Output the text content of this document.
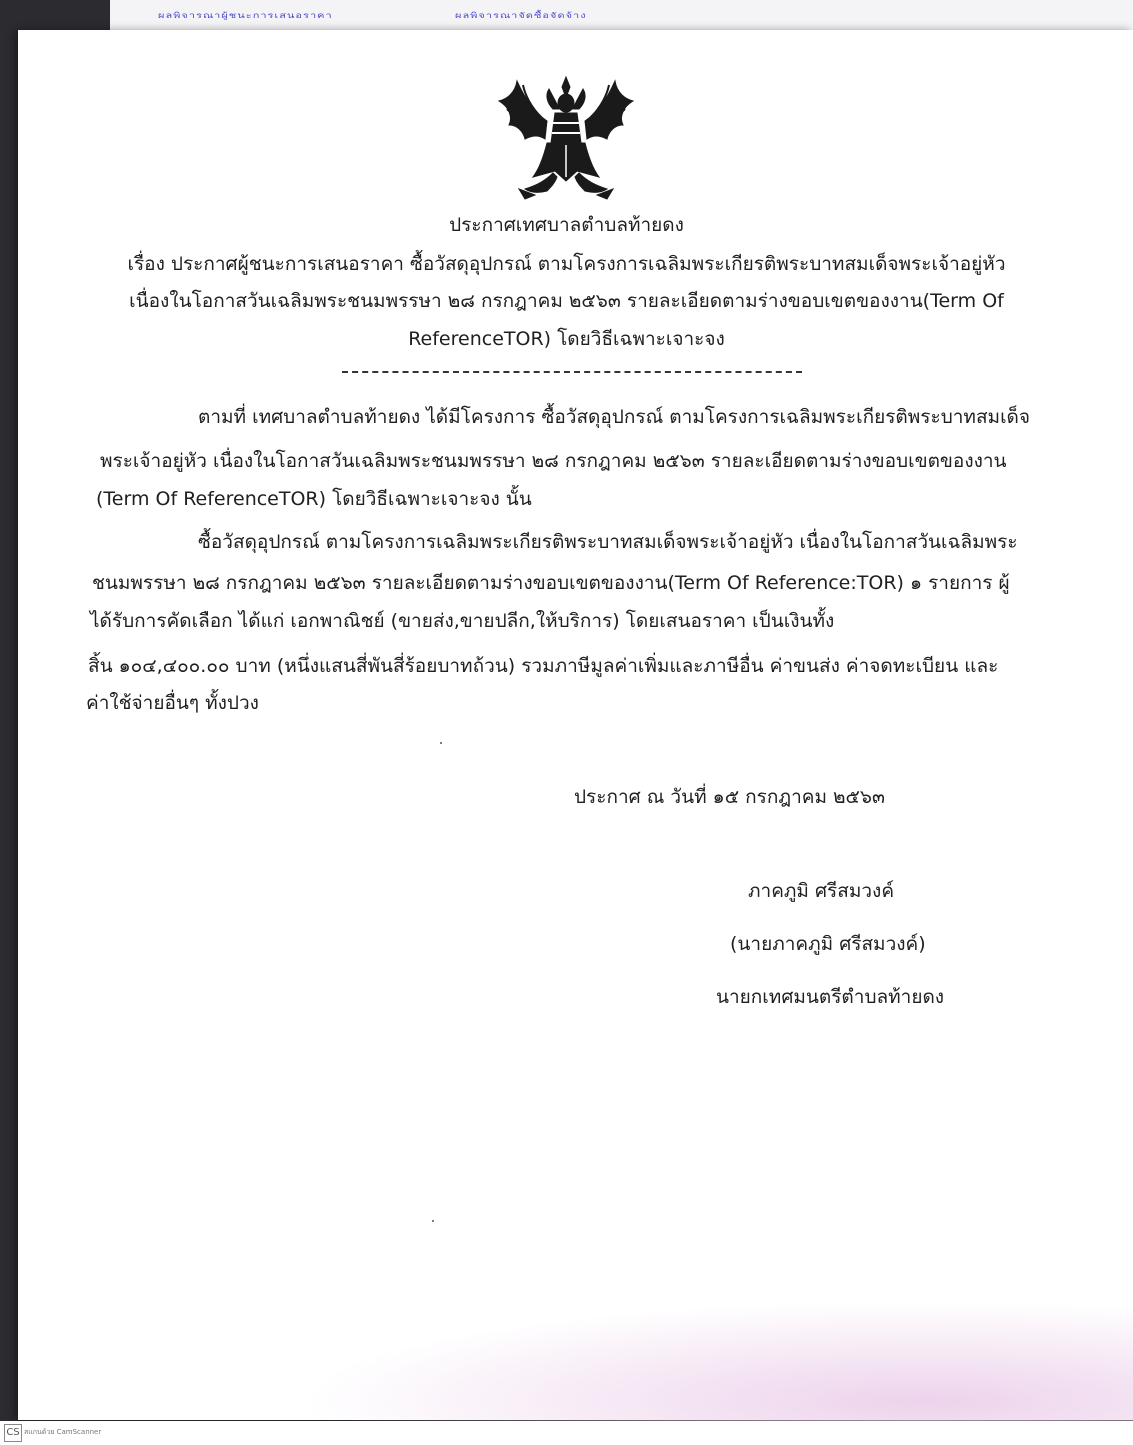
ผลพิจารณาผู้ชนะการเสนอราคา	ผลพิจารณาจัดซื้อจัดจ้าง

ประกาศเทศบาลตำบลท้ายดง

เรื่อง ประกาศผู้ชนะการเสนอราคา ซื้อวัสดุอุปกรณ์ ตามโครงการเฉลิมพระเกียรติพระบาทสมเด็จพระเจ้าอยู่หัว

เนื่องในโอกาสวันเฉลิมพระชนมพรรษา ๒๘ กรกฎาคม ๒๕๖๓ รายละเอียดตามร่างขอบเขตของงาน(Term Of

ReferenceTOR) โดยวิธีเฉพาะเจาะจง

ตามที่ เทศบาลตำบลท้ายดง ได้มีโครงการ ซื้อวัสดุอุปกรณ์ ตามโครงการเฉลิมพระเกียรติพระบาทสมเด็จ

พระเจ้าอยู่หัว เนื่องในโอกาสวันเฉลิมพระชนมพรรษา ๒๘ กรกฎาคม ๒๕๖๓ รายละเอียดตามร่างขอบเขตของงาน

(Term Of ReferenceTOR) โดยวิธีเฉพาะเจาะจง นั้น

ซื้อวัสดุอุปกรณ์ ตามโครงการเฉลิมพระเกียรติพระบาทสมเด็จพระเจ้าอยู่หัว เนื่องในโอกาสวันเฉลิมพระ

ชนมพรรษา ๒๘ กรกฎาคม ๒๕๖๓ รายละเอียดตามร่างขอบเขตของงาน(Term Of Reference:TOR) ๑ รายการ ผู้

ได้รับการคัดเลือก ได้แก่ เอกพาณิชย์ (ขายส่ง,ขายปลีก,ให้บริการ) โดยเสนอราคา เป็นเงินทั้ง

สิ้น ๑๐๔,๔๐๐.๐๐ บาท (หนึ่งแสนสี่พันสี่ร้อยบาทถ้วน) รวมภาษีมูลค่าเพิ่มและภาษีอื่น ค่าขนส่ง ค่าจดทะเบียน และ

ค่าใช้จ่ายอื่นๆ ทั้งปวง

ประกาศ ณ วันที่ ๑๕ กรกฎาคม ๒๕๖๓

ภาคภูมิ ศรีสมวงค์

(นายภาคภูมิ ศรีสมวงค์)

นายกเทศมนตรีตำบลท้ายดง

CS สแกนด้วย CamScanner
